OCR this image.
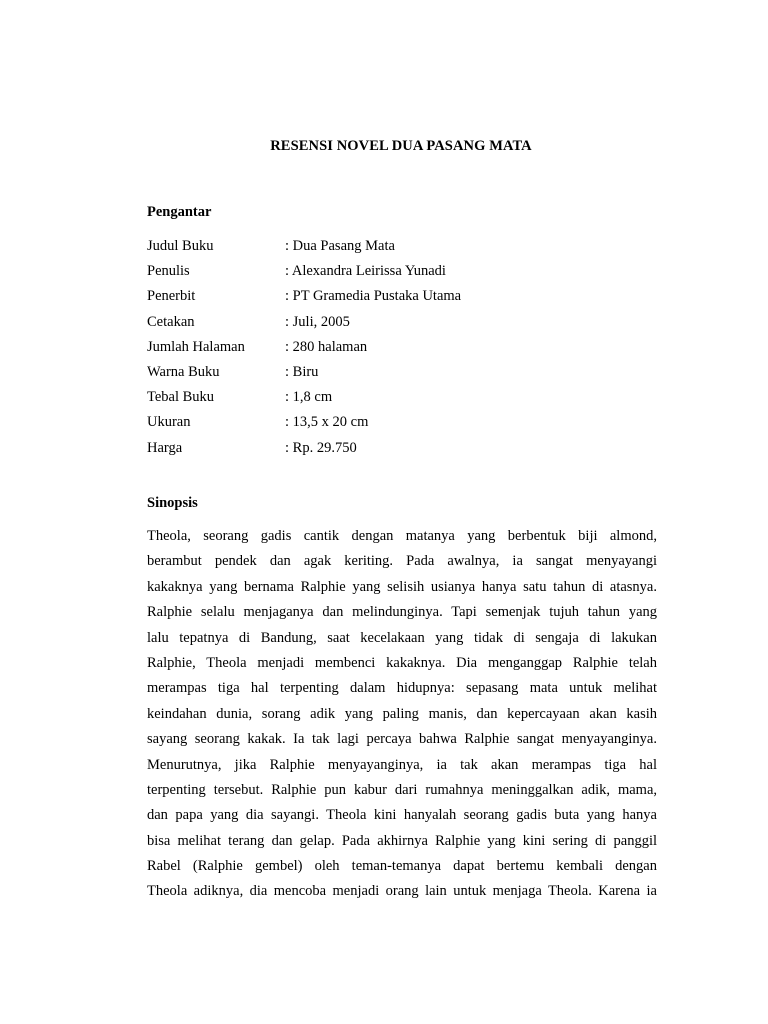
RESENSI NOVEL DUA PASANG MATA
Pengantar
Judul Buku	: Dua Pasang Mata
Penulis	: Alexandra Leirissa Yunadi
Penerbit	: PT Gramedia Pustaka Utama
Cetakan	: Juli, 2005
Jumlah Halaman	: 280 halaman
Warna Buku	: Biru
Tebal Buku	: 1,8 cm
Ukuran	: 13,5 x 20 cm
Harga	: Rp. 29.750
Sinopsis
Theola, seorang gadis cantik dengan matanya yang berbentuk biji almond,
berambut pendek dan agak keriting. Pada awalnya, ia sangat menyayangi
kakaknya yang bernama Ralphie yang selisih usianya hanya satu tahun di atasnya.
Ralphie selalu menjaganya dan melindunginya. Tapi semenjak tujuh tahun yang
lalu tepatnya di Bandung, saat kecelakaan yang tidak di sengaja di lakukan
Ralphie, Theola menjadi membenci kakaknya. Dia menganggap Ralphie telah
merampas tiga hal terpenting dalam hidupnya: sepasang mata untuk melihat
keindahan dunia, sorang adik yang paling manis, dan kepercayaan akan kasih
sayang seorang kakak. Ia tak lagi percaya bahwa Ralphie sangat menyayanginya.
Menurutnya, jika Ralphie menyayanginya, ia tak akan merampas tiga hal
terpenting tersebut. Ralphie pun kabur dari rumahnya meninggalkan adik, mama,
dan papa yang dia sayangi. Theola kini hanyalah seorang gadis buta yang hanya
bisa melihat terang dan gelap. Pada akhirnya Ralphie yang kini sering di panggil
Rabel (Ralphie gembel) oleh teman-temanya dapat bertemu kembali dengan
Theola adiknya, dia mencoba menjadi orang lain untuk menjaga Theola. Karena ia
